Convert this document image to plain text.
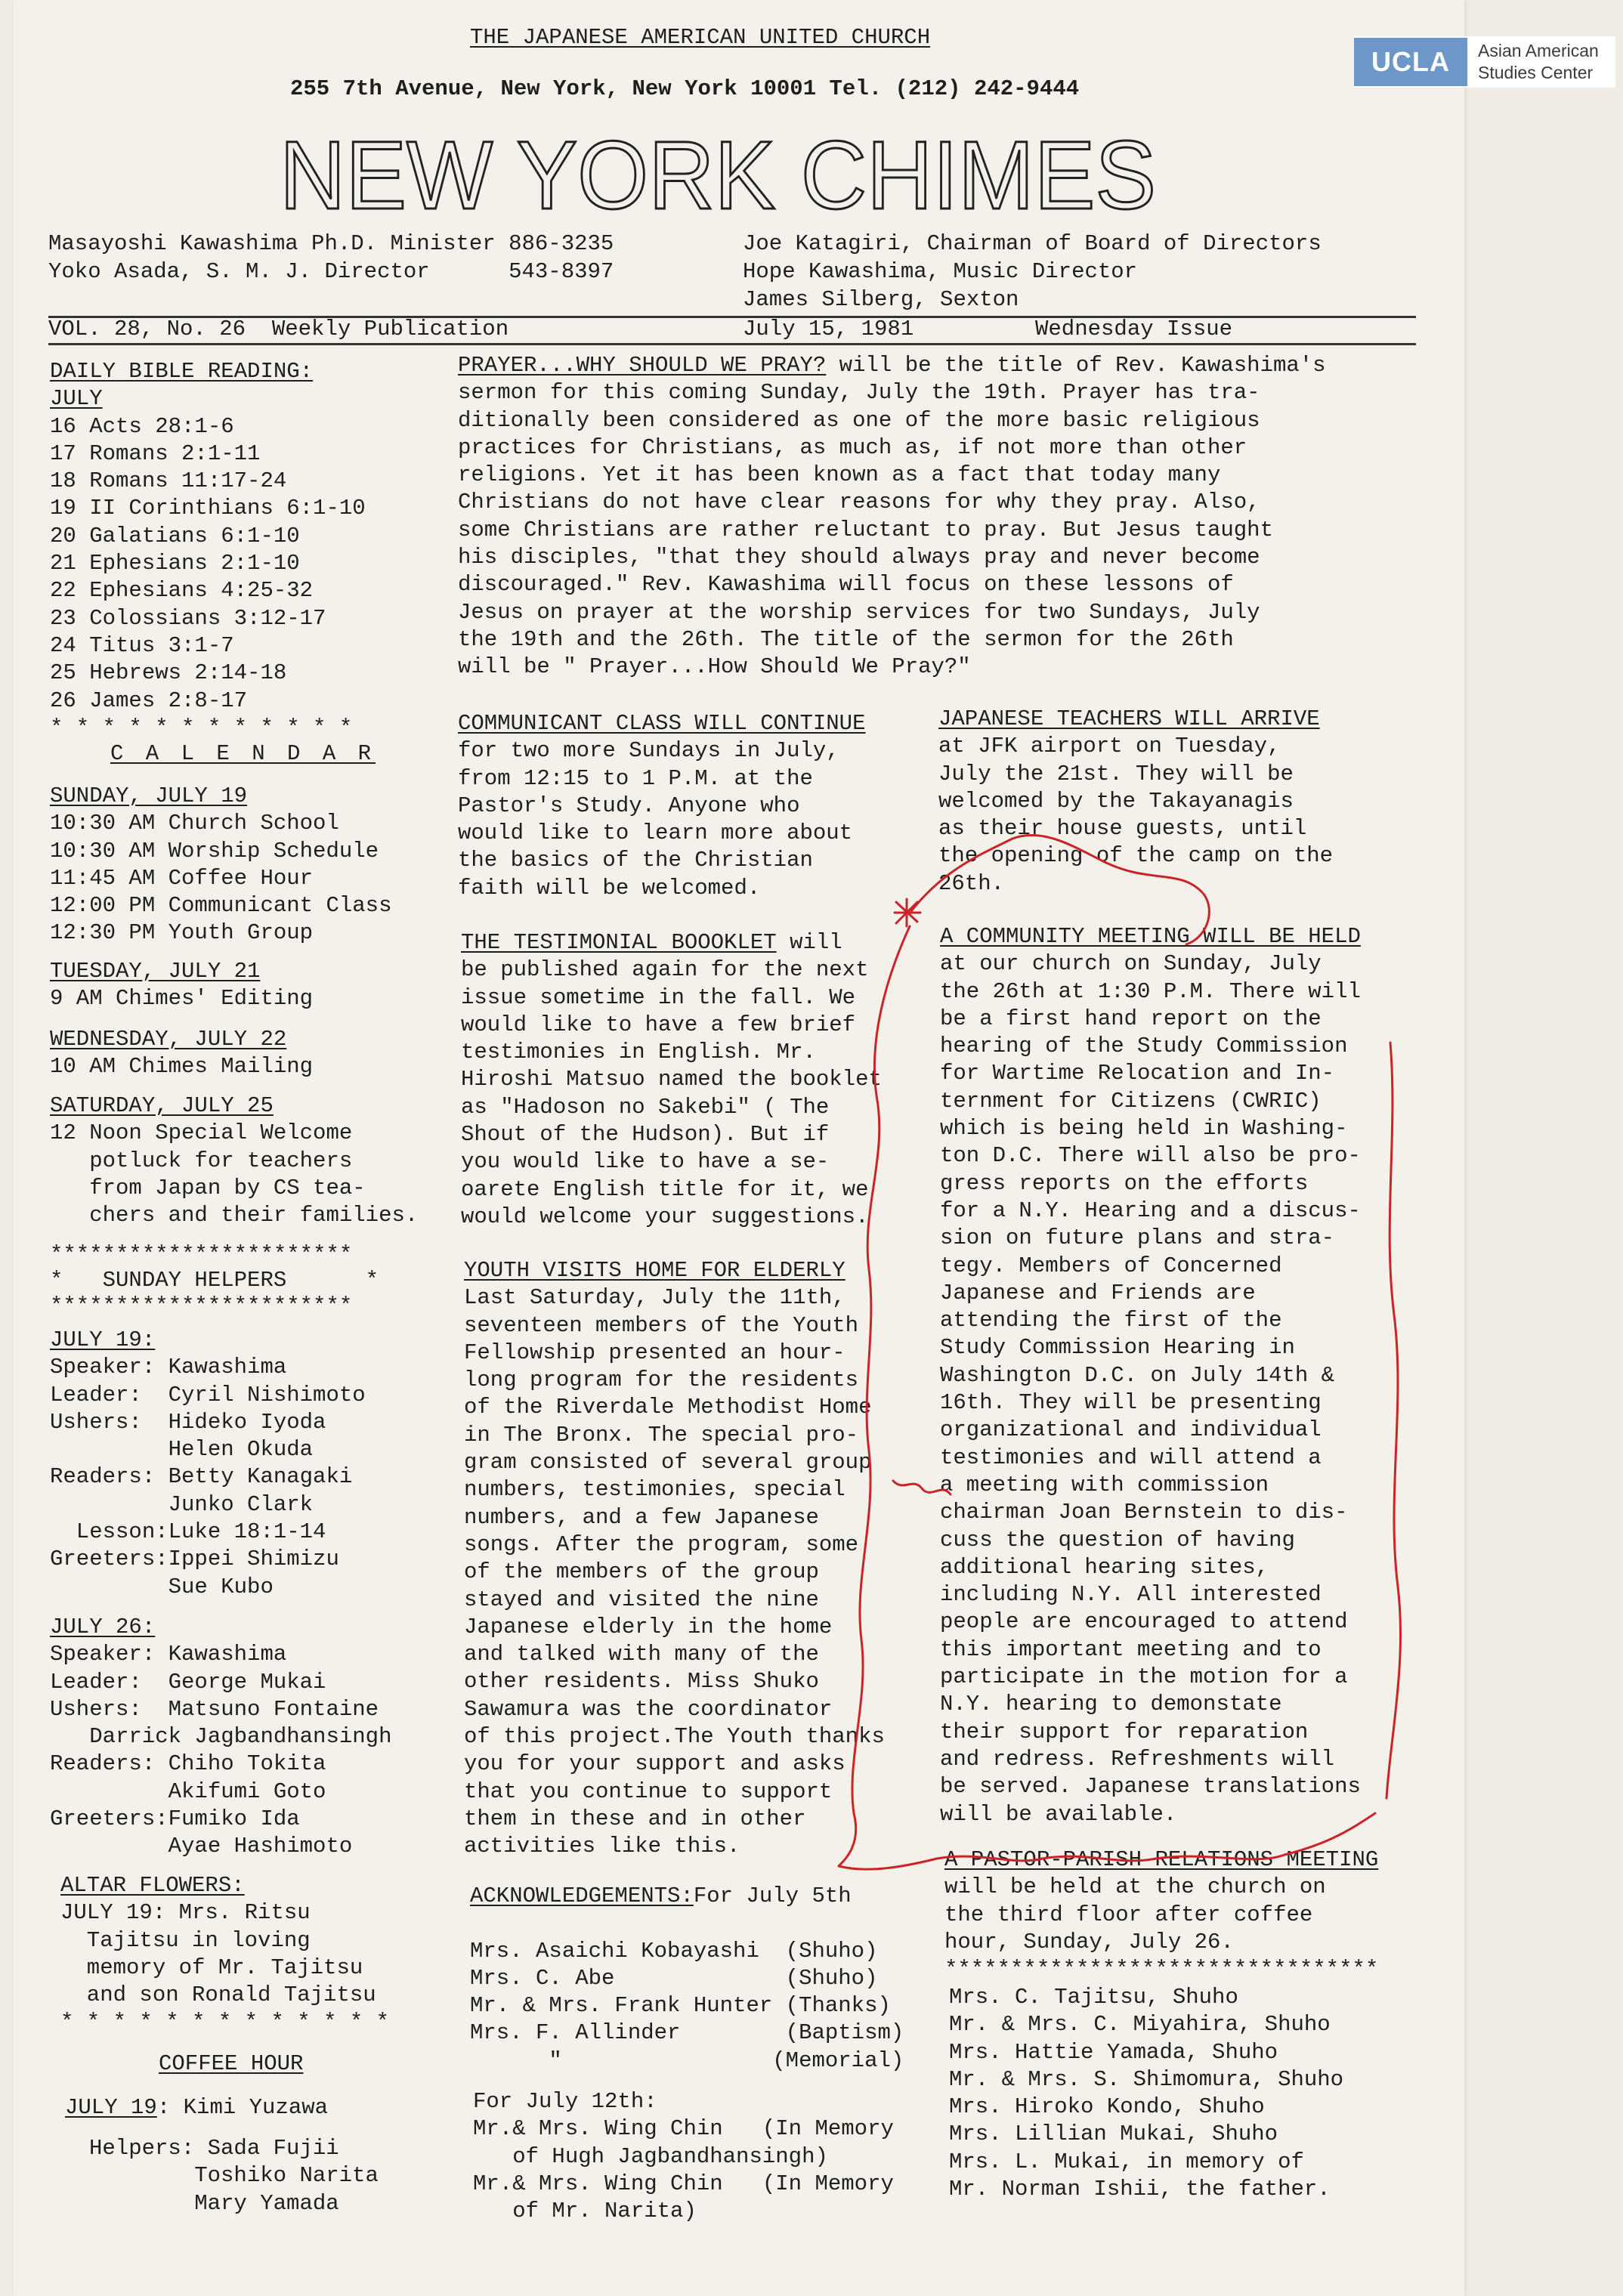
UCLA	Asian American
Studies Center
THE JAPANESE AMERICAN UNITED CHURCH
255 7th Avenue, New York, New York 10001 Tel. (212) 242-9444
NEW YORK CHIMES
Masayoshi Kawashima Ph.D. Minister 886-3235
Yoko Asada, S. M. J. Director      543-8397
Joe Katagiri, Chairman of Board of Directors
Hope Kawashima, Music Director
James Silberg, Sexton
VOL. 28, No. 26  Weekly Publication	July 15, 1981	Wednesday Issue
DAILY BIBLE READING:
JULY
16 Acts 28:1-6
17 Romans 2:1-11
18 Romans 11:17-24
19 II Corinthians 6:1-10
20 Galatians 6:1-10
21 Ephesians 2:1-10
22 Ephesians 4:25-32
23 Colossians 3:12-17
24 Titus 3:1-7
25 Hebrews 2:14-18
26 James 2:8-17
* * * * * * * * * * * *
C A L E N D A R
SUNDAY, JULY 19
10:30 AM Church School
10:30 AM Worship Schedule
11:45 AM Coffee Hour
12:00 PM Communicant Class
12:30 PM Youth Group
TUESDAY, JULY 21
9 AM Chimes' Editing
WEDNESDAY, JULY 22
10 AM Chimes Mailing
SATURDAY, JULY 25
12 Noon Special Welcome
potluck for teachers
from Japan by CS tea-
chers and their families.
***********************
*   SUNDAY HELPERS      *
***********************
JULY 19:
Speaker: Kawashima
Leader:  Cyril Nishimoto
Ushers:  Hideko Iyoda
Helen Okuda
Readers: Betty Kanagaki
Junko Clark
Lesson:Luke 18:1-14
Greeters:Ippei Shimizu
Sue Kubo
JULY 26:
Speaker: Kawashima
Leader:  George Mukai
Ushers:  Matsuno Fontaine
Darrick Jagbandhansingh
Readers: Chiho Tokita
Akifumi Goto
Greeters:Fumiko Ida
Ayae Hashimoto
ALTAR FLOWERS:
JULY 19: Mrs. Ritsu
Tajitsu in loving
memory of Mr. Tajitsu
and son Ronald Tajitsu
* * * * * * * * * * * * *
COFFEE HOUR
JULY 19: Kimi Yuzawa
Helpers: Sada Fujii
Toshiko Narita
Mary Yamada
PRAYER...WHY SHOULD WE PRAY? will be the title of Rev. Kawashima's
sermon for this coming Sunday, July the 19th. Prayer has tra-
ditionally been considered as one of the more basic religious
practices for Christians, as much as, if not more than other
religions. Yet it has been known as a fact that today many
Christians do not have clear reasons for why they pray. Also,
some Christians are rather reluctant to pray. But Jesus taught
his disciples, "that they should always pray and never become
discouraged." Rev. Kawashima will focus on these lessons of
Jesus on prayer at the worship services for two Sundays, July
the 19th and the 26th. The title of the sermon for the 26th
will be " Prayer...How Should We Pray?"
COMMUNICANT CLASS WILL CONTINUE
for two more Sundays in July,
from 12:15 to 1 P.M. at the
Pastor's Study. Anyone who
would like to learn more about
the basics of the Christian
faith will be welcomed.
THE TESTIMONIAL BOOOKLET will
be published again for the next
issue sometime in the fall. We
would like to have a few brief
testimonies in English. Mr.
Hiroshi Matsuo named the booklet
as "Hadoson no Sakebi" ( The
Shout of the Hudson). But if
you would like to have a se-
oarete English title for it, we
would welcome your suggestions.
YOUTH VISITS HOME FOR ELDERLY
Last Saturday, July the 11th,
seventeen members of the Youth
Fellowship presented an hour-
long program for the residents
of the Riverdale Methodist Home
in The Bronx. The special pro-
gram consisted of several group
numbers, testimonies, special
numbers, and a few Japanese
songs. After the program, some
of the members of the group
stayed and visited the nine
Japanese elderly in the home
and talked with many of the
other residents. Miss Shuko
Sawamura was the coordinator
of this project.The Youth thanks
you for your support and asks
that you continue to support
them in these and in other
activities like this.
ACKNOWLEDGEMENTS:For July 5th

Mrs. Asaichi Kobayashi  (Shuho)
Mrs. C. Abe             (Shuho)
Mr. & Mrs. Frank Hunter (Thanks)
Mrs. F. Allinder        (Baptism)
"                (Memorial)
For July 12th:
Mr.& Mrs. Wing Chin   (In Memory
of Hugh Jagbandhansingh)
Mr.& Mrs. Wing Chin   (In Memory
of Mr. Narita)
JAPANESE TEACHERS WILL ARRIVE
at JFK airport on Tuesday,
July the 21st. They will be
welcomed by the Takayanagis
as their house guests, until
the opening of the camp on the
26th.
A COMMUNITY MEETING WILL BE HELD
at our church on Sunday, July
the 26th at 1:30 P.M. There will
be a first hand report on the
hearing of the Study Commission
for Wartime Relocation and In-
ternment for Citizens (CWRIC)
which is being held in Washing-
ton D.C. There will also be pro-
gress reports on the efforts
for a N.Y. Hearing and a discus-
sion on future plans and stra-
tegy. Members of Concerned
Japanese and Friends are
attending the first of the
Study Commission Hearing in
Washington D.C. on July 14th &
16th. They will be presenting
organizational and individual
testimonies and will attend a
a meeting with commission
chairman Joan Bernstein to dis-
cuss the question of having
additional hearing sites,
including N.Y. All interested
people are encouraged to attend
this important meeting and to
participate in the motion for a
N.Y. hearing to demonstate
their support for reparation
and redress. Refreshments will
be served. Japanese translations
will be available.
A PASTOR-PARISH RELATIONS MEETING
will be held at the church on
the third floor after coffee
hour, Sunday, July 26.
*********************************
Mrs. C. Tajitsu, Shuho
Mr. & Mrs. C. Miyahira, Shuho
Mrs. Hattie Yamada, Shuho
Mr. & Mrs. S. Shimomura, Shuho
Mrs. Hiroko Kondo, Shuho
Mrs. Lillian Mukai, Shuho
Mrs. L. Mukai, in memory of
Mr. Norman Ishii, the father.
